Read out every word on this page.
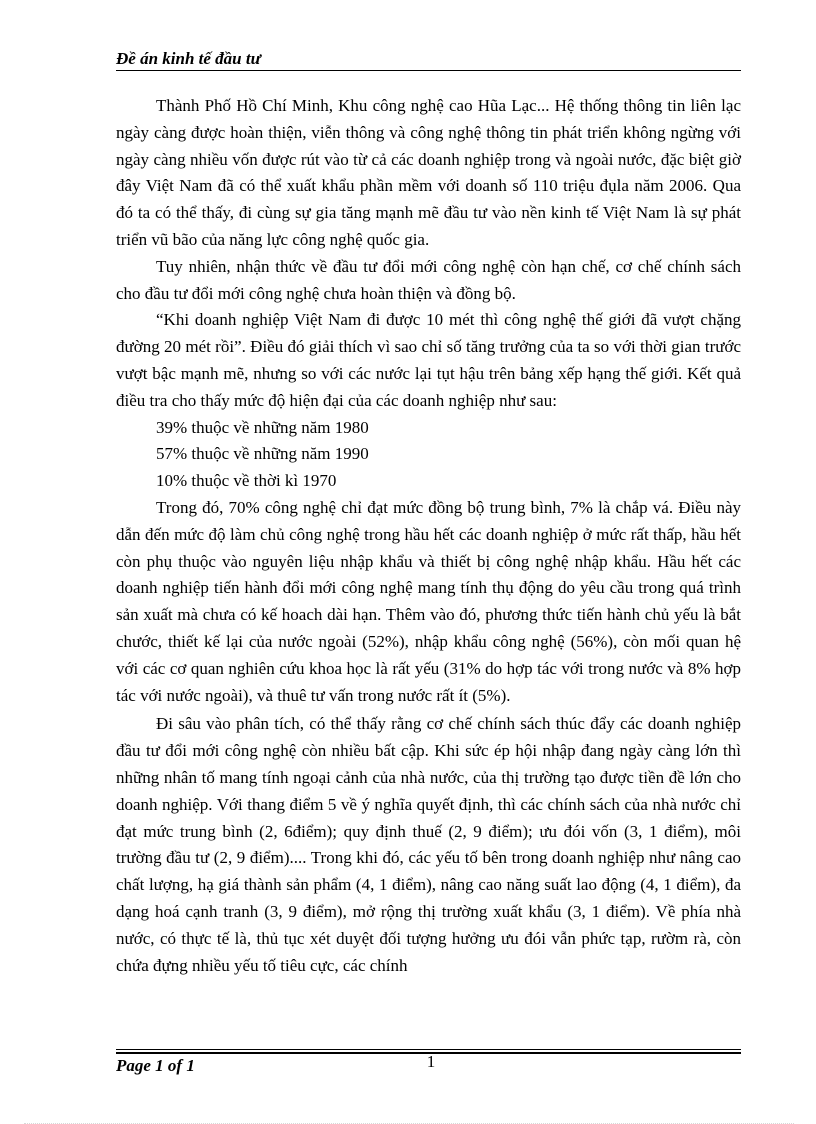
Đề án kinh tế đầu tư

Thành Phố Hồ Chí Minh, Khu công nghệ cao Hũa Lạc... Hệ thống thông tin liên lạc ngày càng được hoàn thiện, viễn thông và công nghệ thông tin phát triển không ngừng với ngày càng nhiều vốn được rút vào từ cả các doanh nghiệp trong và ngoài nước, đặc biệt giờ đây Việt Nam đã có thể xuất khẩu phần mềm với doanh số 110 triệu đụla năm 2006. Qua đó ta có thể thấy, đi cùng sự gia tăng mạnh mẽ đầu tư vào nền kinh tế Việt Nam là sự phát triển vũ bão của năng lực công nghệ quốc gia.

Tuy nhiên, nhận thức về đầu tư đổi mới công nghệ còn hạn chế, cơ chế chính sách cho đầu tư đổi mới công nghệ chưa hoàn thiện và đồng bộ.

“Khi doanh nghiệp Việt Nam đi được 10 mét thì công nghệ thế giới đã vượt chặng đường 20 mét rồi”. Điều đó giải thích vì sao chỉ số tăng trưởng của ta so với thời gian trước vượt bậc mạnh mẽ, nhưng so với các nước lại tụt hậu trên bảng xếp hạng thế giới. Kết quả điều tra cho thấy mức độ hiện đại của các doanh nghiệp như sau:

39% thuộc về những năm 1980

57% thuộc về những năm 1990

10% thuộc về thời kì 1970

Trong đó, 70% công nghệ chỉ đạt mức đồng bộ trung bình, 7% là chắp vá. Điều này dẫn đến mức độ làm chủ công nghệ trong hầu hết các doanh nghiệp ở mức rất thấp, hầu hết còn phụ thuộc vào nguyên liệu nhập khẩu và thiết bị công nghệ nhập khẩu. Hầu hết các doanh nghiệp tiến hành đổi mới công nghệ mang tính thụ động do yêu cầu trong quá trình sản xuất mà chưa có kế hoach dài hạn. Thêm vào đó, phương thức tiến hành chủ yếu là bắt chước, thiết kế lại của nước ngoài (52%), nhập khẩu công nghệ (56%), còn mối quan hệ với các cơ quan nghiên cứu khoa học là rất yếu (31% do hợp tác với trong nước và 8% hợp tác với nước ngoài), và thuê tư vấn trong nước rất ít (5%).

Đi sâu vào phân tích, có thể thấy rằng cơ chế chính sách thúc đẩy các doanh nghiệp đầu tư đổi mới công nghệ còn nhiều bất cập. Khi sức ép hội nhập đang ngày càng lớn thì những nhân tố mang tính ngoại cảnh của nhà nước, của thị trường tạo được tiền đề lớn cho doanh nghiệp. Với thang điểm 5 về ý nghĩa quyết định, thì các chính sách của nhà nước chỉ đạt mức trung bình (2, 6điểm); quy định thuế (2, 9 điểm); ưu đói vốn (3, 1 điểm), môi trường đầu tư (2, 9 điểm).... Trong khi đó, các yếu tố bên trong doanh nghiệp như nâng cao chất lượng, hạ giá thành sản phẩm (4, 1 điểm), nâng cao năng suất lao động (4, 1 điểm), đa dạng hoá cạnh tranh (3, 9 điểm), mở rộng thị trường xuất khẩu (3, 1 điểm). Về phía nhà nước, có thực tế là, thủ tục xét duyệt đối tượng hưởng ưu đói vẫn phức tạp, rườm rà, còn chứa đựng nhiều yếu tố tiêu cực, các chính

Page 1 of 1	1
